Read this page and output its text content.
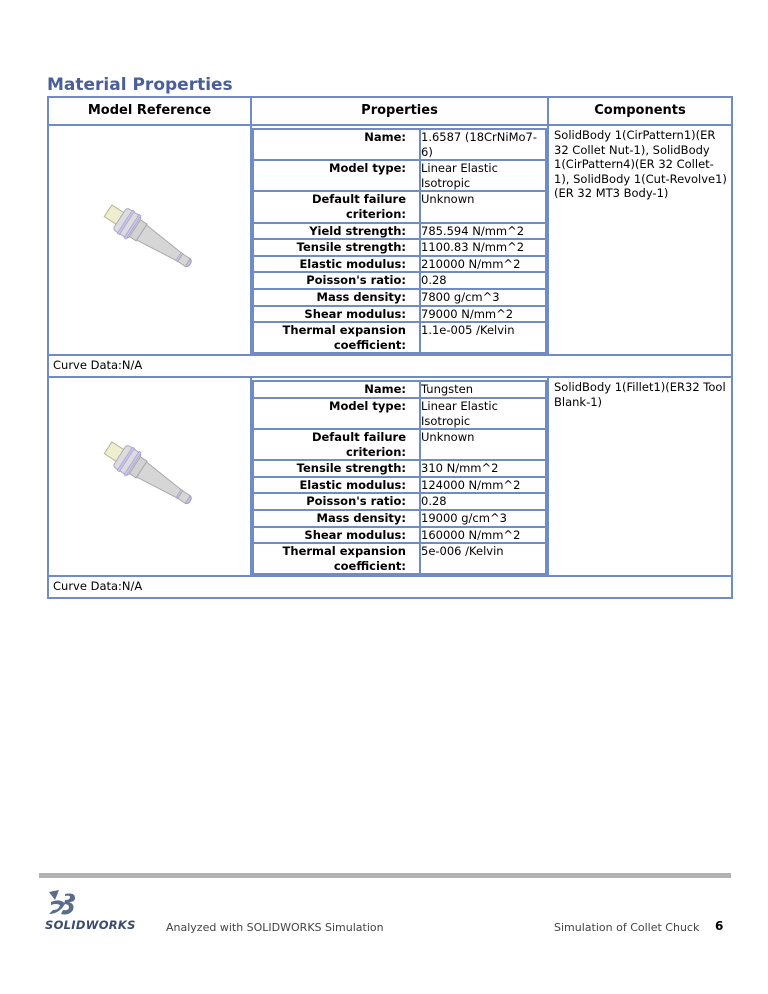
Material Properties
Model Reference	Properties	Components

Name:	1.6587 (18CrNiMo7-6)
Model type:	Linear Elastic Isotropic
Default failure criterion:	Unknown
Yield strength:	785.594 N/mm^2
Tensile strength:	1100.83 N/mm^2
Elastic modulus:	210000 N/mm^2
Poisson's ratio:	0.28
Mass density:	7800 g/cm^3
Shear modulus:	79000 N/mm^2
Thermal expansion coefficient:	1.1e-005 /Kelvin
	SolidBody 1(CirPattern1)(ER 32 Collet Nut-1), SolidBody 1(CirPattern4)(ER 32 Collet-1), SolidBody 1(Cut-Revolve1)(ER 32 MT3 Body-1)
Curve Data:N/A

Name:	Tungsten
Model type:	Linear Elastic Isotropic
Default failure criterion:	Unknown
Tensile strength:	310 N/mm^2
Elastic modulus:	124000 N/mm^2
Poisson's ratio:	0.28
Mass density:	19000 g/cm^3
Shear modulus:	160000 N/mm^2
Thermal expansion coefficient:	5e-006 /Kelvin
	SolidBody 1(Fillet1)(ER32 Tool Blank-1)
Curve Data:N/A
SOLIDWORKS	Analyzed with SOLIDWORKS Simulation	Simulation of Collet Chuck 6
